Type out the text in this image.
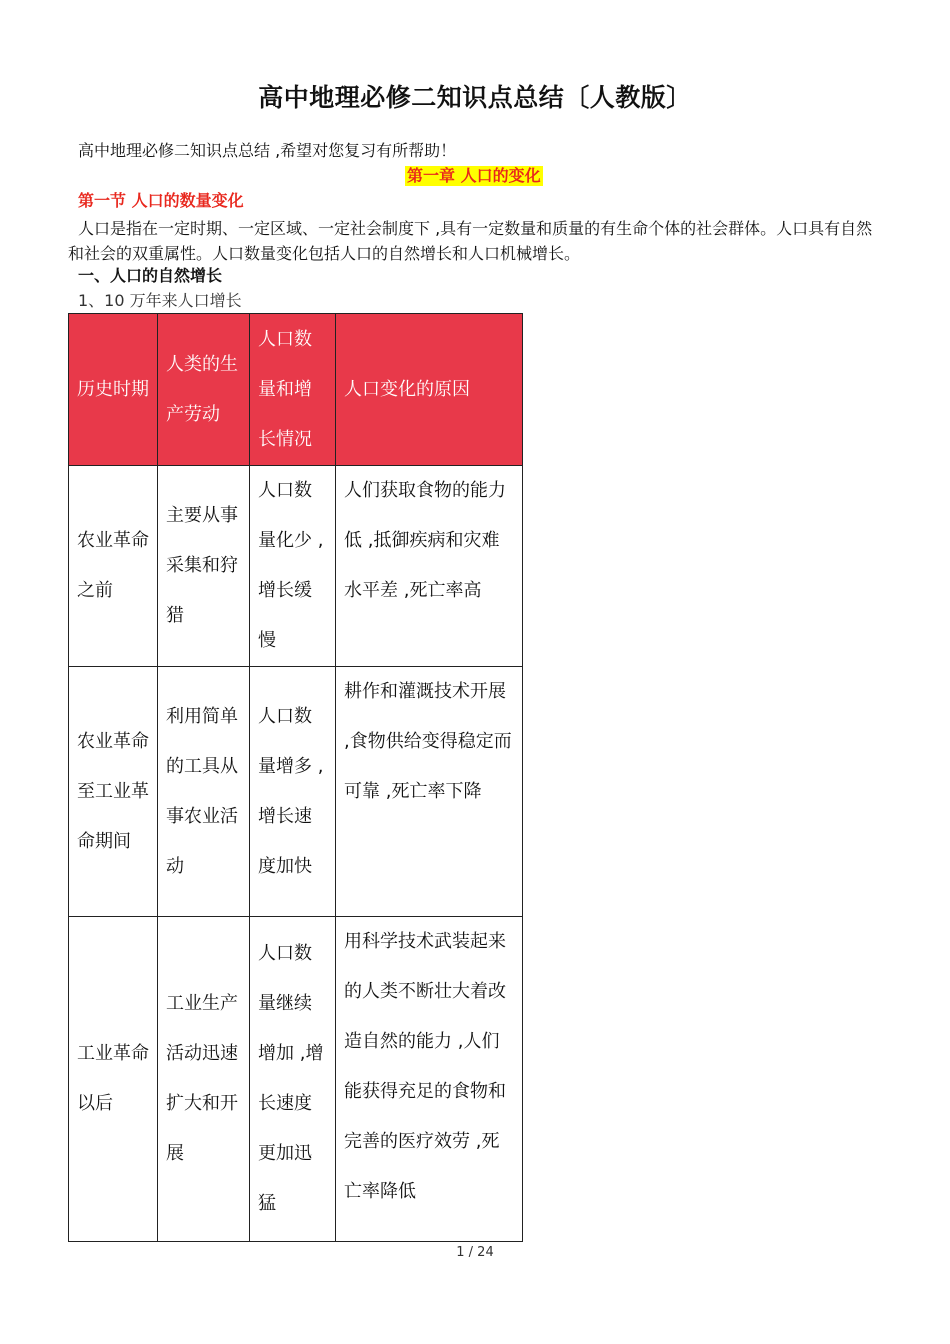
高中地理必修二知识点总结〔人教版〕
高中地理必修二知识点总结 ,希望对您复习有所帮助！
第一章 人口的变化
第一节 人口的数量变化
人口是指在一定时期、一定区域、一定社会制度下 ,具有一定数量和质量的有生命个体的社会群体。人口具有自然和社会的双重属性。人口数量变化包括人口的自然增长和人口机械增长。
一、人口的自然增长
1、10 万年来人口增长
历史时期	人类的生产劳动	人口数量和增长情况	人口变化的原因
农业革命之前	主要从事采集和狩猎	人口数量化少 ,增长缓慢	人们获取食物的能力低 ,抵御疾病和灾难水平差 ,死亡率高
农业革命至工业革命期间	利用简单的工具从事农业活动	人口数量增多 ,增长速度加快	耕作和灌溉技术开展 ,食物供给变得稳定而可靠 ,死亡率下降
工业革命以后	工业生产活动迅速扩大和开展	人口数量继续增加 ,增长速度更加迅猛	用科学技术武装起来的人类不断壮大着改造自然的能力 ,人们能获得充足的食物和完善的医疗效劳 ,死亡率降低
1 / 24
